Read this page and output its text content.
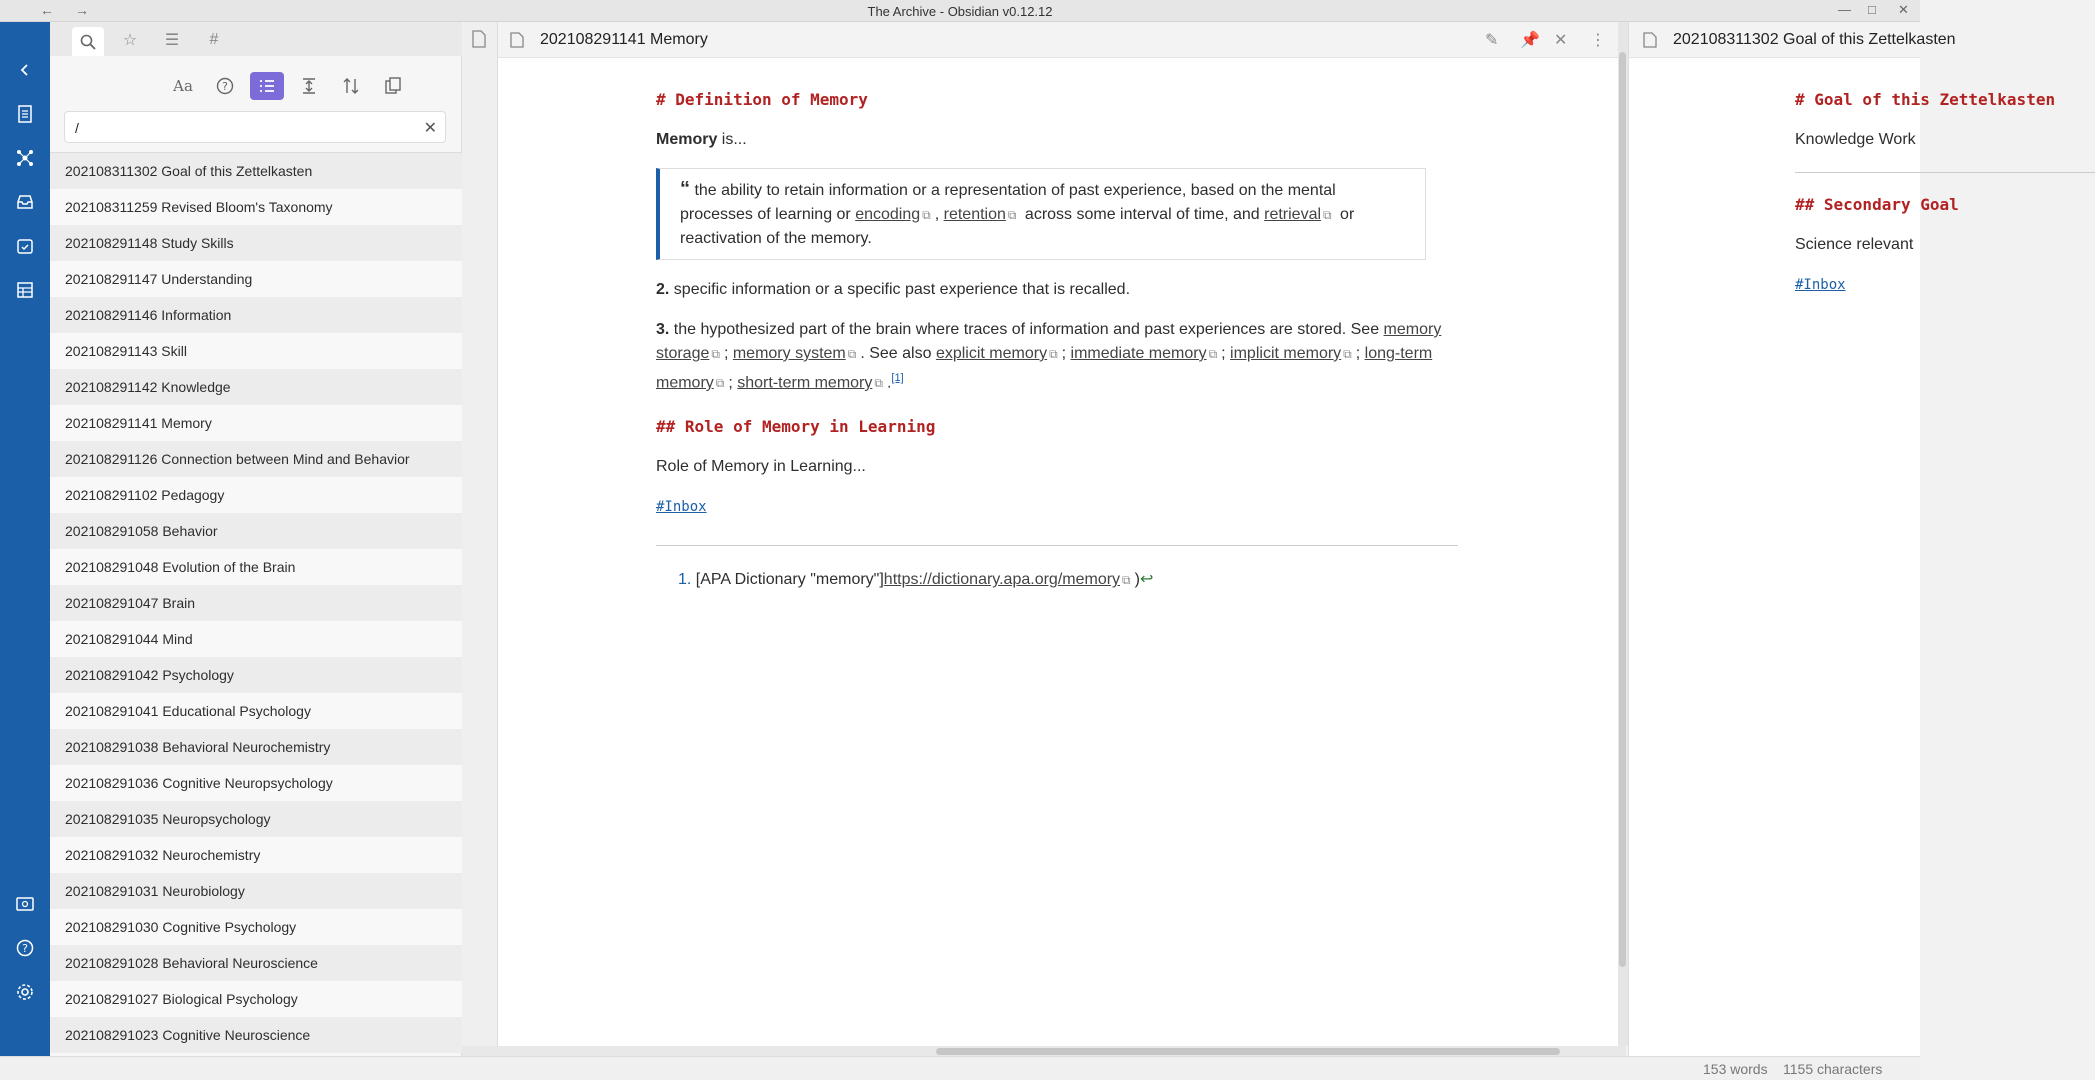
← →	The Archive - Obsidian v0.12.12	— □ ✕
?
☆	☰	#
Aa	?
/
✕
202108311302 Goal of this Zettelkasten
202108311259 Revised Bloom's Taxonomy
202108291148 Study Skills
202108291147 Understanding
202108291146 Information
202108291143 Skill
202108291142 Knowledge
202108291141 Memory
202108291126 Connection between Mind and Behavior
202108291102 Pedagogy
202108291058 Behavior
202108291048 Evolution of the Brain
202108291047 Brain
202108291044 Mind
202108291042 Psychology
202108291041 Educational Psychology
202108291038 Behavioral Neurochemistry
202108291036 Cognitive Neuropsychology
202108291035 Neuropsychology
202108291032 Neurochemistry
202108291031 Neurobiology
202108291030 Cognitive Psychology
202108291028 Behavioral Neuroscience
202108291027 Biological Psychology
202108291023 Cognitive Neuroscience
202108291141 Memory	✎ 📌 ✕ ⋮
# Definition of Memory
Memory is...
“ the ability to retain information or a representation of past experience, based on the mental processes of learning or encoding ⧉ , retention ⧉ across some interval of time, and retrieval ⧉ or reactivation of the memory.
2. specific information or a specific past experience that is recalled.
3. the hypothesized part of the brain where traces of information and past experiences are stored. See memory storage ⧉ ; memory system ⧉ . See also explicit memory ⧉ ; immediate memory ⧉ ; implicit memory ⧉ ; long-term memory ⧉ ; short-term memory ⧉ .[1]
## Role of Memory in Learning
Role of Memory in Learning...
#Inbox
1. [APA Dictionary "memory"]https://dictionary.apa.org/memory ⧉ )↩
202108311302 Goal of this Zettelkasten
# Goal of this Zettelkasten
Knowledge Work
## Secondary Goal
Science relevant
#Inbox
153 words 1155 characters
